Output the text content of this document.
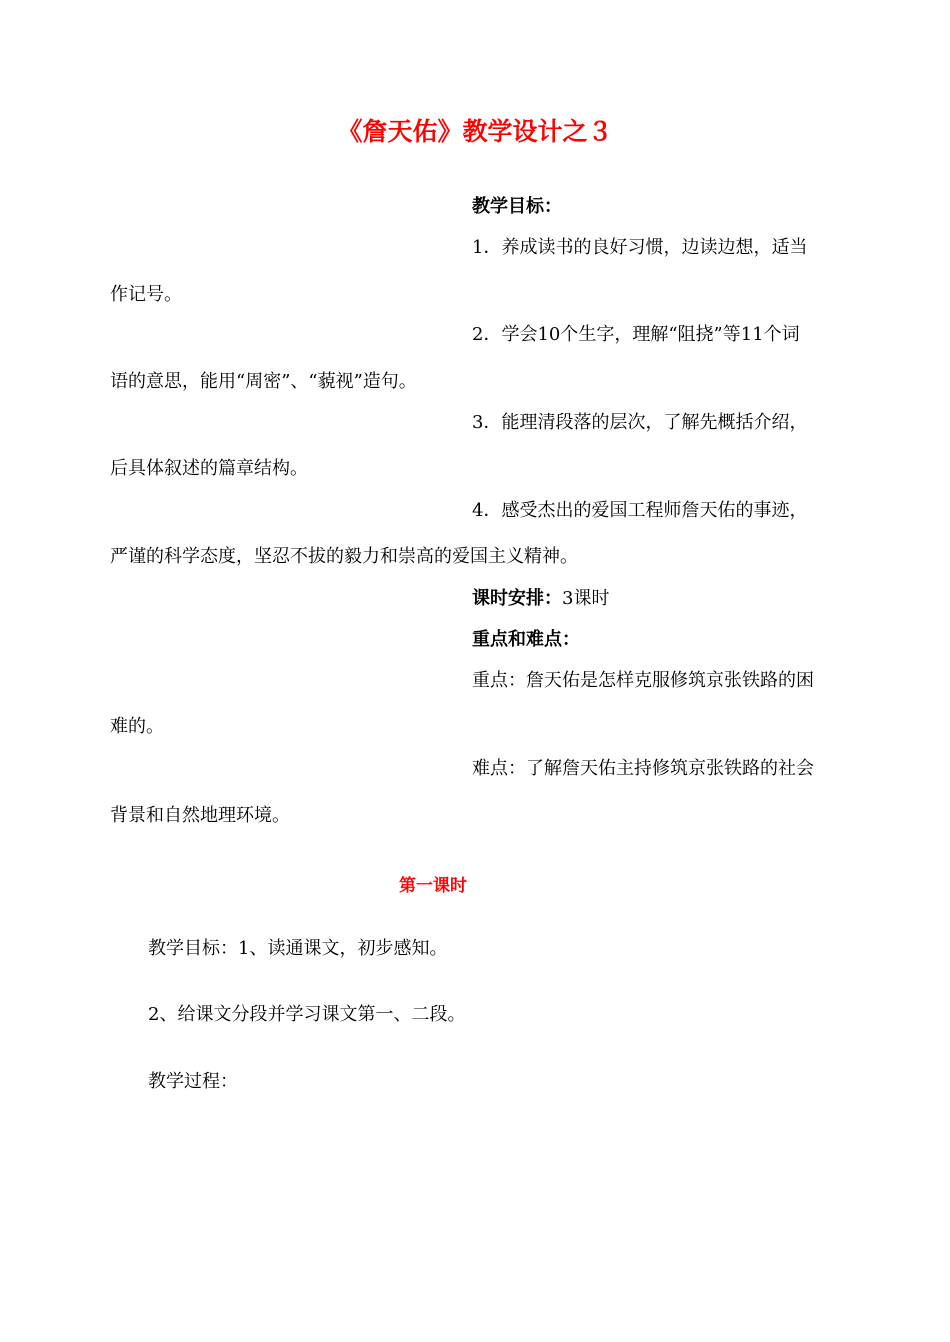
《詹天佑》教学设计之３
教学目标：
1．养成读书的良好习惯，边读边想，适当
作记号。
2．学会10个生字，理解“阻挠”等11个词
语的意思，能用“周密”、“藐视”造句。
3．能理清段落的层次，了解先概括介绍，
后具体叙述的篇章结构。
4．感受杰出的爱国工程师詹天佑的事迹，
严谨的科学态度，坚忍不拔的毅力和崇高的爱国主义精神。
课时安排：3课时
重点和难点：
重点：詹天佑是怎样克服修筑京张铁路的困
难的。
难点：了解詹天佑主持修筑京张铁路的社会
背景和自然地理环境。
第一课时
教学目标：1、读通课文，初步感知。
2、给课文分段并学习课文第一、二段。
教学过程：
